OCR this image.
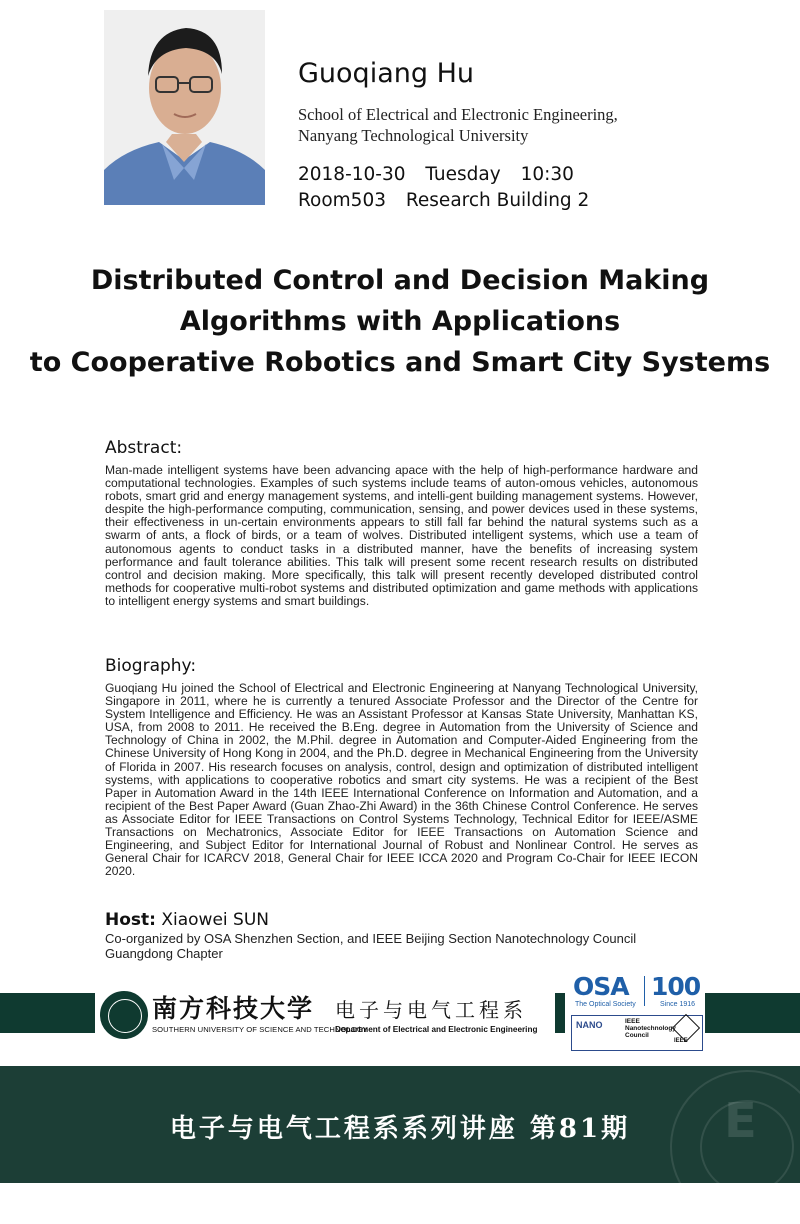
Guoqiang Hu
School of Electrical and Electronic Engineering,
Nanyang Technological University
2018-10-30 Tuesday 10:30
Room503 Research Building 2
Distributed Control and Decision Making
Algorithms with Applications
to Cooperative Robotics and Smart City Systems
Abstract:
Man-made intelligent systems have been advancing apace with the help of high-performance hardware and computational technologies. Examples of such systems include teams of auton-omous vehicles, autonomous robots, smart grid and energy management systems, and intelli-gent building management systems. However, despite the high-performance computing, communication, sensing, and power devices used in these systems, their effectiveness in un-certain environments appears to still fall far behind the natural systems such as a swarm of ants, a flock of birds, or a team of wolves. Distributed intelligent systems, which use a team of autonomous agents to conduct tasks in a distributed manner, have the benefits of increasing system performance and fault tolerance abilities. This talk will present some recent research results on distributed control and decision making. More specifically, this talk will present recently developed distributed control methods for cooperative multi-robot systems and distributed optimization and game methods with applications to intelligent energy systems and smart buildings.
Biography:
Guoqiang Hu joined the School of Electrical and Electronic Engineering at Nanyang Technological University, Singapore in 2011, where he is currently a tenured Associate Professor and the Director of the Centre for System Intelligence and Efficiency. He was an Assistant Professor at Kansas State University, Manhattan KS, USA, from 2008 to 2011. He received the B.Eng. degree in Automation from the University of Science and Technology of China in 2002, the M.Phil. degree in Automation and Computer-Aided Engineering from the Chinese University of Hong Kong in 2004, and the Ph.D. degree in Mechanical Engineering from the University of Florida in 2007. His research focuses on analysis, control, design and optimization of distributed intelligent systems, with applications to cooperative robotics and smart city systems. He was a recipient of the Best Paper in Automation Award in the 14th IEEE International Conference on Information and Automation, and a recipient of the Best Paper Award (Guan Zhao-Zhi Award) in the 36th Chinese Control Conference. He serves as Associate Editor for IEEE Transactions on Control Systems Technology, Technical Editor for IEEE/ASME Transactions on Mechatronics, Associate Editor for IEEE Transactions on Automation Science and Engineering, and Subject Editor for International Journal of Robust and Nonlinear Control. He serves as General Chair for ICARCV 2018, General Chair for IEEE ICCA 2020 and Program Co-Chair for IEEE IECON 2020.
Host: Xiaowei SUN
Co-organized by OSA Shenzhen Section, and IEEE Beijing Section Nanotechnology Council Guangdong Chapter
南方科技大学
SOUTHERN UNIVERSITY OF SCIENCE AND TECHNOLOGY
电子与电气工程系
Department of Electrical and Electronic Engineering
OSA 100
The Optical Society	Since 1916
NANO	IEEE Nanotechnology Council
IEEE
E
电子与电气工程系系列讲座 第81期
